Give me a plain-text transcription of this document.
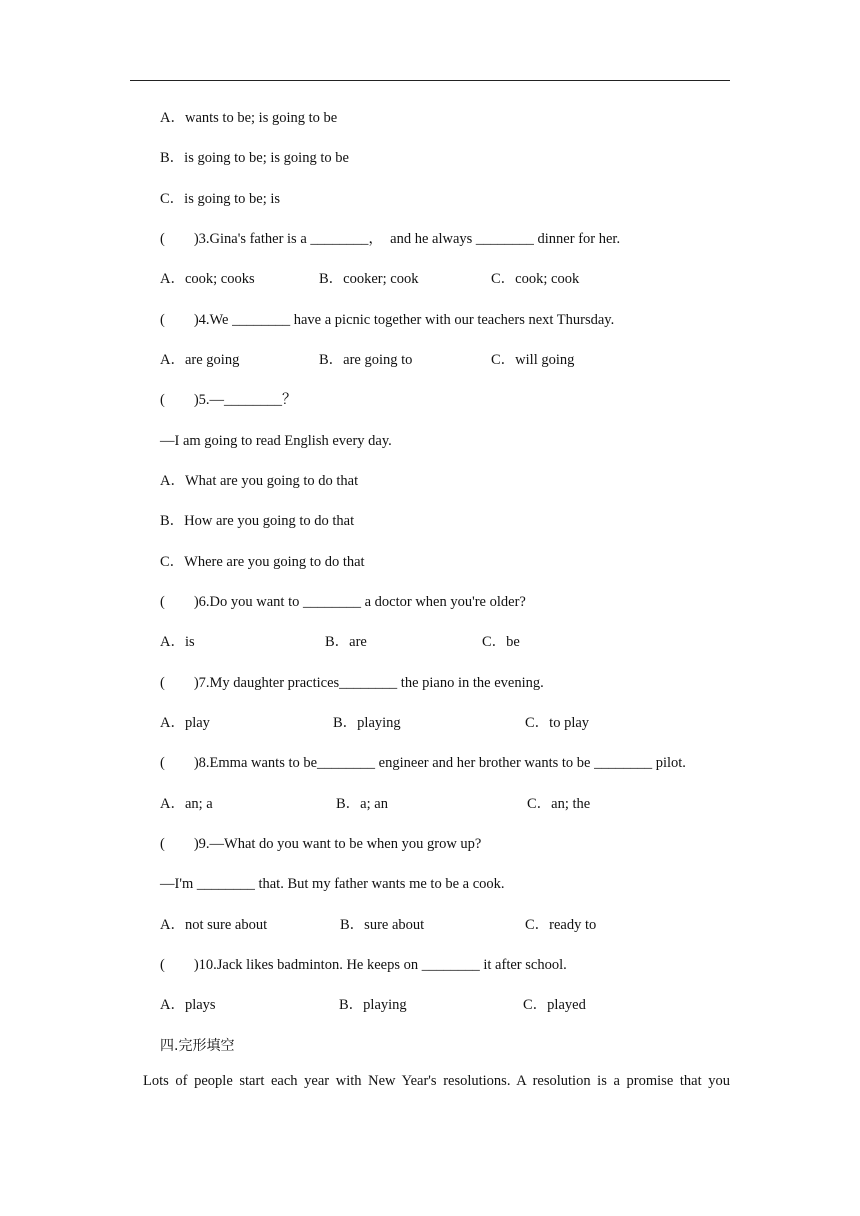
A．wants to be; is going to be
B．is going to be; is going to be
C．is going to be; is
(        )3.Gina's father is a ________，  and he always ________ dinner for her.
A．cook; cooks	B．cooker; cook	C．cook; cook
(        )4.We ________ have a picnic together with our teachers next Thursday.
A．are going	B．are going to	C．will going
(        )5.—________？
—I am going to read English every day.
A．What are you going to do that
B．How are you going to do that
C．Where are you going to do that
(        )6.Do you want to ________ a doctor when you're older?
A．is	B．are	C．be
(        )7.My daughter practices________ the piano in the evening.
A．play	B．playing	C．to play
(        )8.Emma wants to be________ engineer and her brother wants to be ________ pilot.
A．an; a	B．a; an	C．an; the
(        )9.—What do you want to be when you grow up?
—I'm ________ that. But my father wants me to be a cook.
A．not sure about	B．sure about	C．ready to
(        )10.Jack likes badminton. He keeps on ________ it after school.
A．plays	B．playing	C．played
四.完形填空
Lots of people start each year with New Year's resolutions. A resolution is a promise that you
